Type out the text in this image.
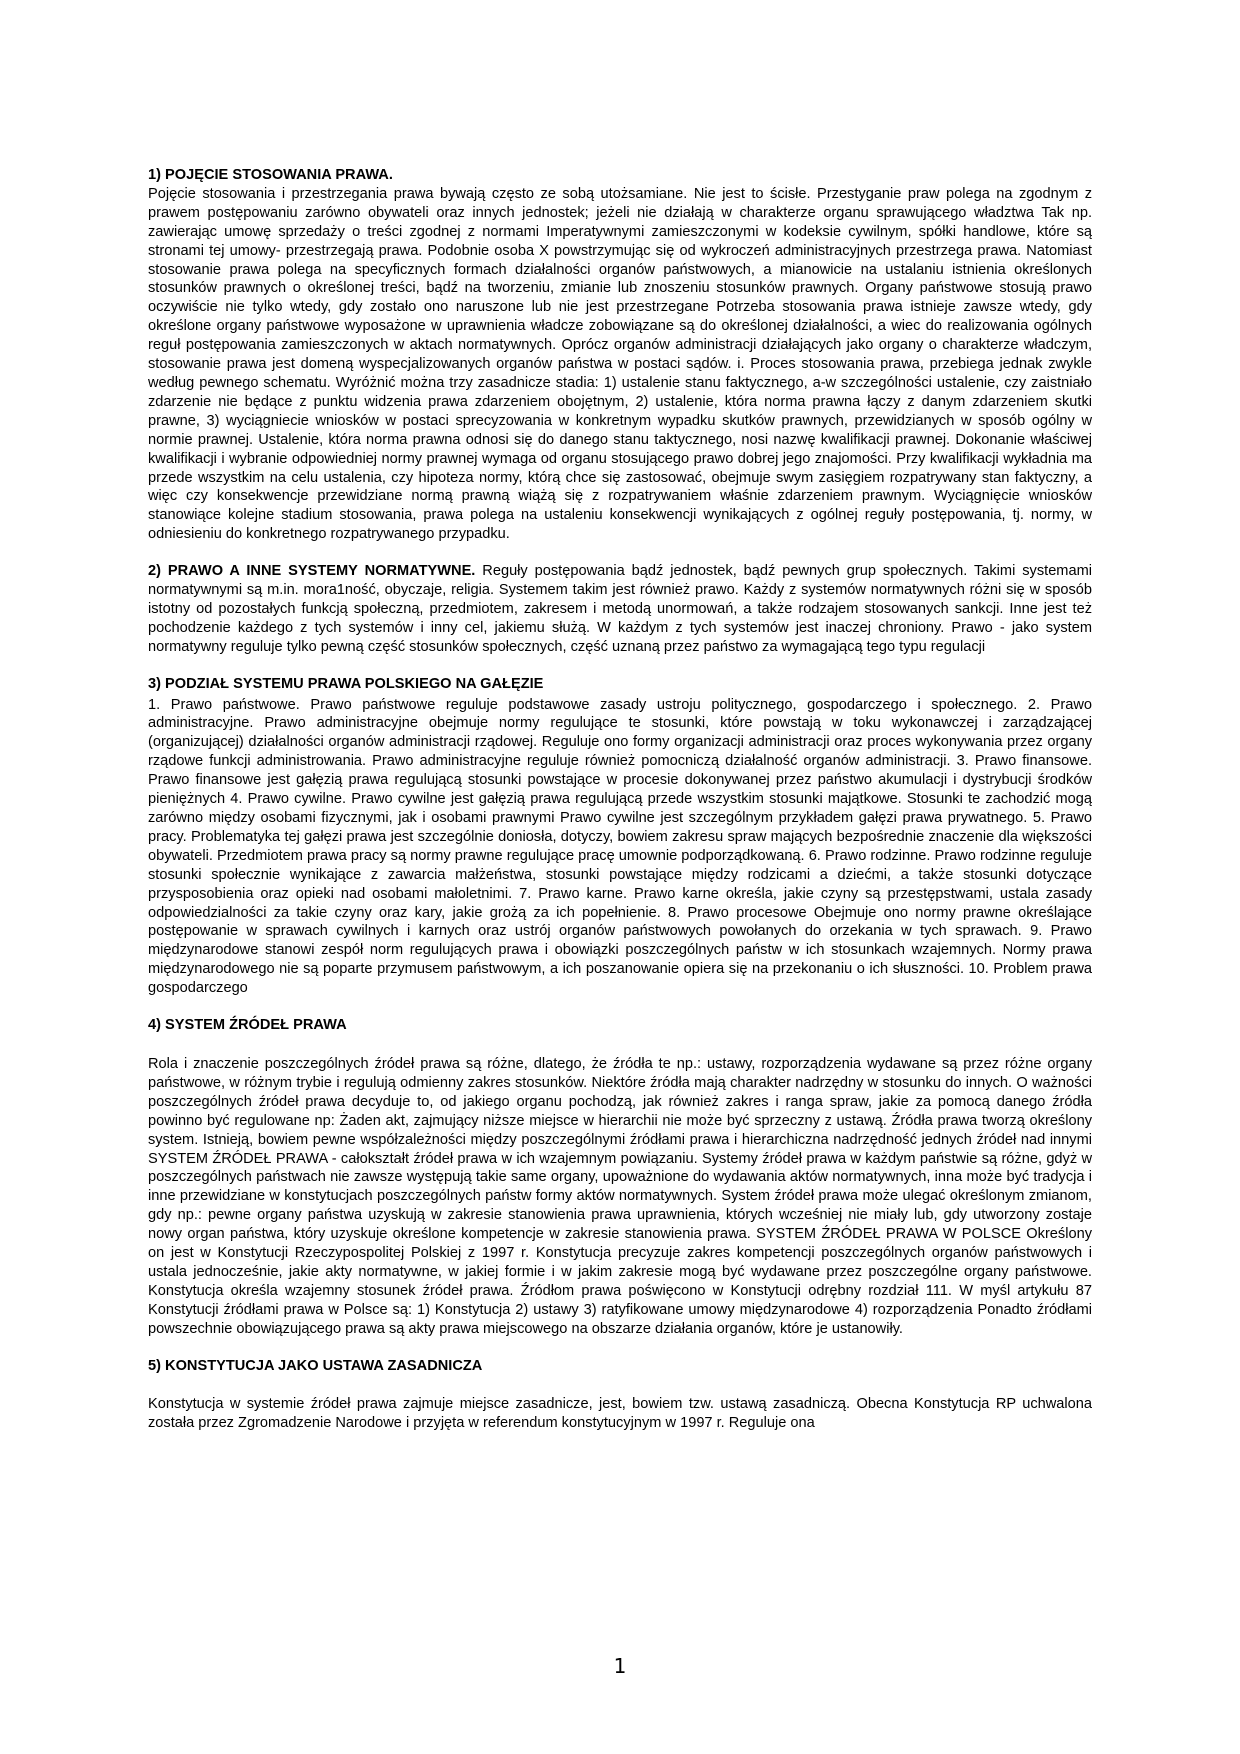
1) POJĘCIE STOSOWANIA PRAWA.

Pojęcie stosowania i przestrzegania prawa bywają często ze sobą utożsamiane. Nie jest to ścisłe. Przestyganie praw polega na zgodnym z prawem postępowaniu zarówno obywateli oraz innych jednostek; jeżeli nie działają w charakterze organu sprawującego władztwa Tak np. zawierając umowę sprzedaży o treści zgodnej z normami Imperatywnymi zamieszczonymi w kodeksie cywilnym, spółki handlowe, które są stronami tej umowy- przestrzegają prawa. Podobnie osoba X powstrzymując się od wykroczeń administracyjnych przestrzega prawa. Natomiast stosowanie prawa polega na specyficznych formach działalności organów państwowych, a mianowicie na ustalaniu istnienia określonych stosunków prawnych o określonej treści, bądź na tworzeniu, zmianie lub znoszeniu stosunków prawnych. Organy państwowe stosują prawo oczywiście nie tylko wtedy, gdy zostało ono naruszone lub nie jest przestrzegane Potrzeba stosowania prawa istnieje zawsze wtedy, gdy określone organy państwowe wyposażone w uprawnienia władcze zobowiązane są do określonej działalności, a wiec do realizowania ogólnych reguł postępowania zamieszczonych w aktach normatywnych. Oprócz organów administracji działających jako organy o charakterze władczym, stosowanie prawa jest domeną wyspecjalizowanych organów państwa w postaci sądów. i. Proces stosowania prawa, przebiega jednak zwykle według pewnego schematu. Wyróżnić można trzy zasadnicze stadia: 1) ustalenie stanu faktycznego, a-w szczególności ustalenie, czy zaistniało zdarzenie nie będące z punktu widzenia prawa zdarzeniem obojętnym, 2) ustalenie, która norma prawna łączy z danym zdarzeniem skutki prawne, 3) wyciągniecie wniosków w postaci sprecyzowania w konkretnym wypadku skutków prawnych, przewidzianych w sposób ogólny w normie prawnej. Ustalenie, która norma prawna odnosi się do danego stanu taktycznego, nosi nazwę kwalifikacji prawnej. Dokonanie właściwej kwalifikacji i wybranie odpowiedniej normy prawnej wymaga od organu stosującego prawo dobrej jego znajomości. Przy kwalifikacji wykładnia ma przede wszystkim na celu ustalenia, czy hipoteza normy, którą chce się zastosować, obejmuje swym zasięgiem rozpatrywany stan faktyczny, a więc czy konsekwencje przewidziane normą prawną wiążą się z rozpatrywaniem właśnie zdarzeniem prawnym. Wyciągnięcie wniosków stanowiące kolejne stadium stosowania, prawa polega na ustaleniu konsekwencji wynikających z ogólnej reguły postępowania, tj. normy, w odniesieniu do konkretnego rozpatrywanego przypadku.

2) PRAWO A INNE SYSTEMY NORMATYWNE. Reguły postępowania bądź jednostek, bądź pewnych grup społecznych. Takimi systemami normatywnymi są m.in. mora1ność, obyczaje, religia. Systemem takim jest również prawo. Każdy z systemów normatywnych różni się w sposób istotny od pozostałych funkcją społeczną, przedmiotem, zakresem i metodą unormowań, a także rodzajem stosowanych sankcji. Inne jest też pochodzenie każdego z tych systemów i inny cel, jakiemu służą. W każdym z tych systemów jest inaczej chroniony. Prawo - jako system normatywny reguluje tylko pewną część stosunków społecznych, część uznaną przez państwo za wymagającą tego typu regulacji

3) PODZIAŁ SYSTEMU PRAWA POLSKIEGO NA GAŁĘZIE

1. Prawo państwowe. Prawo państwowe reguluje podstawowe zasady ustroju politycznego, gospodarczego i społecznego. 2. Prawo administracyjne. Prawo administracyjne obejmuje normy regulujące te stosunki, które powstają w toku wykonawczej i zarządzającej (organizującej) działalności organów administracji rządowej. Reguluje ono formy organizacji administracji oraz proces wykonywania przez organy rządowe funkcji administrowania. Prawo administracyjne reguluje również pomocniczą działalność organów administracji. 3. Prawo finansowe. Prawo finansowe jest gałęzią prawa regulującą stosunki powstające w procesie dokonywanej przez państwo akumulacji i dystrybucji środków pieniężnych 4. Prawo cywilne. Prawo cywilne jest gałęzią prawa regulującą przede wszystkim stosunki majątkowe. Stosunki te zachodzić mogą zarówno między osobami fizycznymi, jak i osobami prawnymi Prawo cywilne jest szczególnym przykładem gałęzi prawa prywatnego. 5. Prawo pracy. Problematyka tej gałęzi prawa jest szczególnie doniosła, dotyczy, bowiem zakresu spraw mających bezpośrednie znaczenie dla większości obywateli. Przedmiotem prawa pracy są normy prawne regulujące pracę umownie podporządkowaną. 6. Prawo rodzinne. Prawo rodzinne reguluje stosunki społecznie wynikające z zawarcia małżeństwa, stosunki powstające między rodzicami a dziećmi, a także stosunki dotyczące przysposobienia oraz opieki nad osobami małoletnimi. 7. Prawo karne. Prawo karne określa, jakie czyny są przestępstwami, ustala zasady odpowiedzialności za takie czyny oraz kary, jakie grożą za ich popełnienie. 8. Prawo procesowe Obejmuje ono normy prawne określające postępowanie w sprawach cywilnych i karnych oraz ustrój organów państwowych powołanych do orzekania w tych sprawach. 9. Prawo międzynarodowe stanowi zespół norm regulujących prawa i obowiązki poszczególnych państw w ich stosunkach wzajemnych. Normy prawa międzynarodowego nie są poparte przymusem państwowym, a ich poszanowanie opiera się na przekonaniu o ich słuszności. 10. Problem prawa gospodarczego

4) SYSTEM ŹRÓDEŁ PRAWA

Rola i znaczenie poszczególnych źródeł prawa są różne, dlatego, że źródła te np.: ustawy, rozporządzenia wydawane są przez różne organy państwowe, w różnym trybie i regulują odmienny zakres stosunków. Niektóre źródła mają charakter nadrzędny w stosunku do innych. O ważności poszczególnych źródeł prawa decyduje to, od jakiego organu pochodzą, jak również zakres i ranga spraw, jakie za pomocą danego źródła powinno być regulowane np: Żaden akt, zajmujący niższe miejsce w hierarchii nie może być sprzeczny z ustawą. Źródła prawa tworzą określony system. Istnieją, bowiem pewne współzależności między poszczególnymi źródłami prawa i hierarchiczna nadrzędność jednych źródeł nad innymi SYSTEM ŹRÓDEŁ PRAWA - całokształt źródeł prawa w ich wzajemnym powiązaniu. Systemy źródeł prawa w każdym państwie są różne, gdyż w poszczególnych państwach nie zawsze występują takie same organy, upoważnione do wydawania aktów normatywnych, inna może być tradycja i inne przewidziane w konstytucjach poszczególnych państw formy aktów normatywnych. System źródeł prawa może ulegać określonym zmianom, gdy np.: pewne organy państwa uzyskują w zakresie stanowienia prawa uprawnienia, których wcześniej nie miały lub, gdy utworzony zostaje nowy organ państwa, który uzyskuje określone kompetencje w zakresie stanowienia prawa. SYSTEM ŹRÓDEŁ PRAWA W POLSCE Określony on jest w Konstytucji Rzeczypospolitej Polskiej z 1997 r. Konstytucja precyzuje zakres kompetencji poszczególnych organów państwowych i ustala jednocześnie, jakie akty normatywne, w jakiej formie i w jakim zakresie mogą być wydawane przez poszczególne organy państwowe. Konstytucja określa wzajemny stosunek źródeł prawa. Źródłom prawa poświęcono w Konstytucji odrębny rozdział 111. W myśl artykułu 87 Konstytucji źródłami prawa w Polsce są: 1) Konstytucja 2) ustawy 3) ratyfikowane umowy międzynarodowe 4) rozporządzenia Ponadto źródłami powszechnie obowiązującego prawa są akty prawa miejscowego na obszarze działania organów, które je ustanowiły.

5) KONSTYTUCJA JAKO USTAWA ZASADNICZA

Konstytucja w systemie źródeł prawa zajmuje miejsce zasadnicze, jest, bowiem tzw. ustawą zasadniczą. Obecna Konstytucja RP uchwalona została przez Zgromadzenie Narodowe i przyjęta w referendum konstytucyjnym w 1997 r. Reguluje ona

1
